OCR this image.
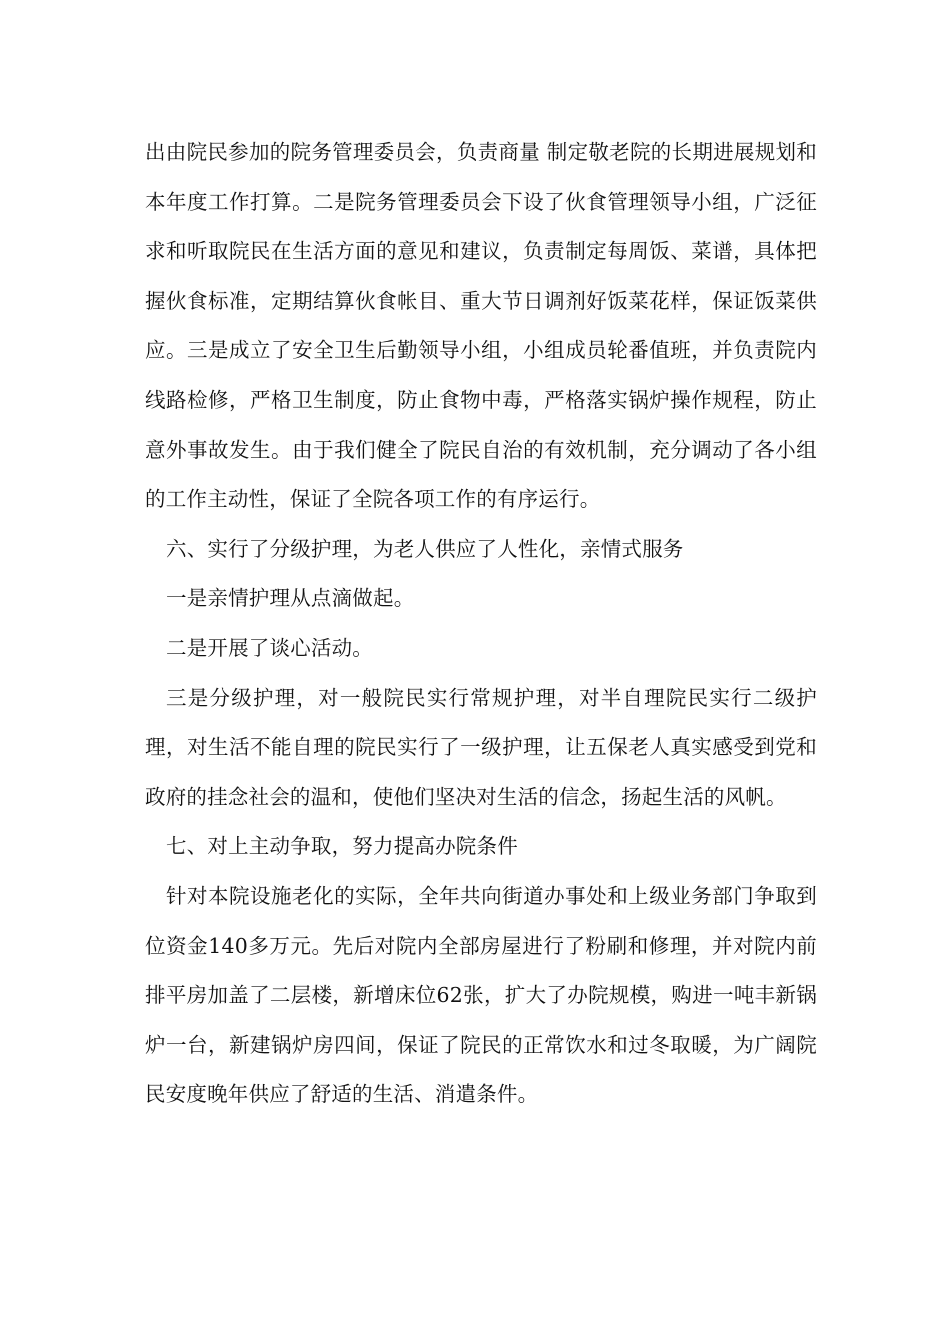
出由院民参加的院务管理委员会，负责商量 制定敬老院的长期进展规划和本年度工作打算。二是院务管理委员会下设了伙食管理领导小组，广泛征求和听取院民在生活方面的意见和建议，负责制定每周饭、菜谱，具体把握伙食标准，定期结算伙食帐目、重大节日调剂好饭菜花样，保证饭菜供应。三是成立了安全卫生后勤领导小组，小组成员轮番值班，并负责院内线路检修，严格卫生制度，防止食物中毒，严格落实锅炉操作规程，防止意外事故发生。由于我们健全了院民自治的有效机制，充分调动了各小组的工作主动性，保证了全院各项工作的有序运行。

六、实行了分级护理，为老人供应了人性化，亲情式服务

一是亲情护理从点滴做起。

二是开展了谈心活动。

三是分级护理，对一般院民实行常规护理，对半自理院民实行二级护理，对生活不能自理的院民实行了一级护理，让五保老人真实感受到党和政府的挂念社会的温和，使他们坚决对生活的信念，扬起生活的风帆。

七、对上主动争取，努力提高办院条件

针对本院设施老化的实际，全年共向街道办事处和上级业务部门争取到位资金140多万元。先后对院内全部房屋进行了粉刷和修理，并对院内前排平房加盖了二层楼，新增床位62张，扩大了办院规模，购进一吨丰新锅炉一台，新建锅炉房四间，保证了院民的正常饮水和过冬取暖，为广阔院民安度晚年供应了舒适的生活、消遣条件。
